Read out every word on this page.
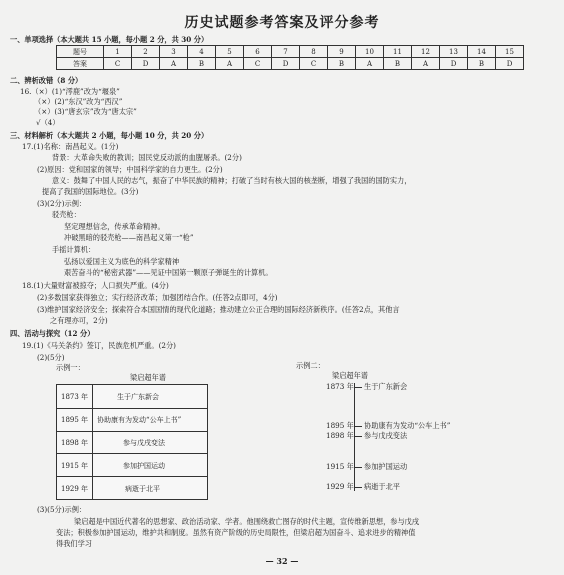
历史试题参考答案及评分参考
一、单项选择（本大题共 15 小题，每小题 2 分，共 30 分）
题号	1	2	3	4	5	6	7	8	9	10	11	12	13	14	15
答案	C	D	A	B	A	C	D	C	B	A	B	A	D	B	D
二、辨析改错（8 分）
16.（×）(1)“澪鹿”改为“堰泉”
（×）(2)“东汉”改为“西汉”
（×）(3)“唐玄宗”改为“唐太宗”
√（4）
三、材料解析（本大题共 2 小题，每小题 10 分，共 20 分）
17.(1)名称：南昌起义。(1分)
背景：大革命失败的教训；国民党反动派的血腥屠杀。(2分)
(2)原因：党和国家的领导；中国科学家的自力更生。(2分)
意义：鼓舞了中国人民的志气，振奋了中华民族的精神；打破了当时有核大国的核垄断，增强了我国的国防实力，
提高了我国的国际地位。(3分)
(3)(2分)示例：
驳壳枪：
坚定理想信念，传承革命精神。
冲破黑暗的驳壳枪——南昌起义第一“枪”
手摇计算机：
弘扬以爱国主义为底色的科学家精神
艰苦奋斗的“秘密武器”——见证中国第一颗原子弹诞生的计算机。
18.(1)大量财富被掠夺；人口损失严重。(4分)
(2)多数国家获得独立；实行经济改革；加强团结合作。(任答2点即可，4分)
(3)维护国家经济安全；探索符合本国国情的现代化道路；推动建立公正合理的国际经济新秩序。(任答2点，其他言
之有理亦可，2分)
四、活动与探究（12 分）
19.(1)《马关条约》签订，民族危机严重。(2分)
(2)(5分)
示例一：	示例二：
梁启超年谱
1873 年	生于广东新会
1895 年 协助康有为发动“公车上书”
1898 年	参与戊戌变法
1915 年	参加护国运动
1929 年	病逝于北平
梁启超年谱
1873 年 生于广东新会
1895 年 协助康有为发动“公车上书”
1898 年 参与戊戌变法
1915 年 参加护国运动
1929 年 病逝于北平
(3)(5分)示例：
梁启超是中国近代著名的思想家、政治活动家、学者。他围绕救亡图存的时代主题，宣传维新思想，参与戊戌
变法；积极参加护国运动，维护共和制度。虽然有资产阶级的历史局限性，但梁启超为国奋斗、追求进步的精神值
得我们学习
— 32 —
